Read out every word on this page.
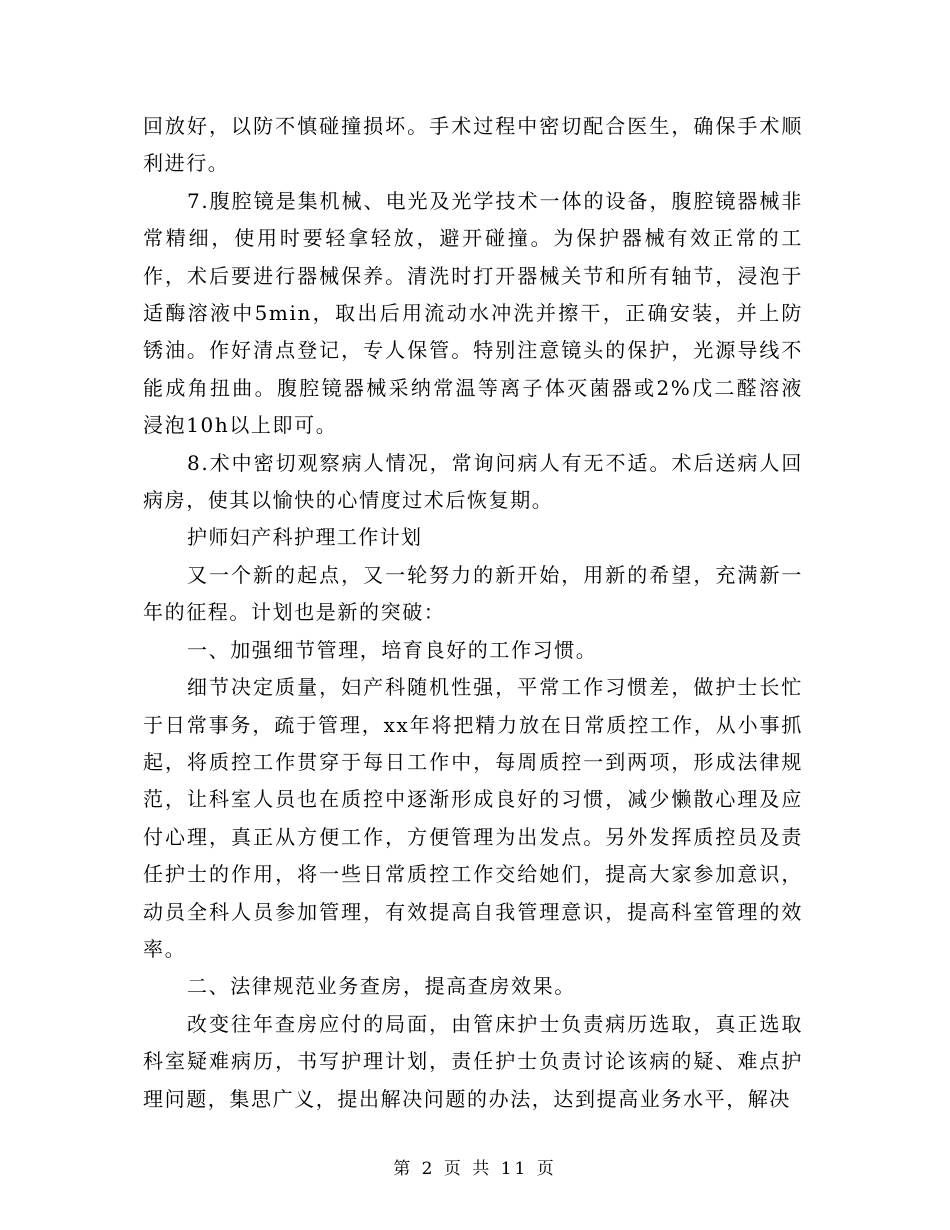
回放好，以防不慎碰撞损坏。手术过程中密切配合医生，确保手术顺利进行。

7.腹腔镜是集机械、电光及光学技术一体的设备，腹腔镜器械非常精细，使用时要轻拿轻放，避开碰撞。为保护器械有效正常的工作，术后要进行器械保养。清洗时打开器械关节和所有轴节，浸泡于适酶溶液中5min，取出后用流动水冲洗并擦干，正确安装，并上防锈油。作好清点登记，专人保管。特别注意镜头的保护，光源导线不能成角扭曲。腹腔镜器械采纳常温等离子体灭菌器或2%戊二醛溶液浸泡10h以上即可。

8.术中密切观察病人情况，常询问病人有无不适。术后送病人回病房，使其以愉快的心情度过术后恢复期。

护师妇产科护理工作计划

又一个新的起点，又一轮努力的新开始，用新的希望，充满新一年的征程。计划也是新的突破：

一、加强细节管理，培育良好的工作习惯。

细节决定质量，妇产科随机性强，平常工作习惯差，做护士长忙于日常事务，疏于管理，xx年将把精力放在日常质控工作，从小事抓起，将质控工作贯穿于每日工作中，每周质控一到两项，形成法律规范，让科室人员也在质控中逐渐形成良好的习惯，减少懒散心理及应付心理，真正从方便工作，方便管理为出发点。另外发挥质控员及责任护士的作用，将一些日常质控工作交给她们，提高大家参加意识，动员全科人员参加管理，有效提高自我管理意识，提高科室管理的效率。

二、法律规范业务查房，提高查房效果。

改变往年查房应付的局面，由管床护士负责病历选取，真正选取科室疑难病历，书写护理计划，责任护士负责讨论该病的疑、难点护理问题，集思广义，提出解决问题的办法，达到提高业务水平，解决

第 2 页 共 11 页
